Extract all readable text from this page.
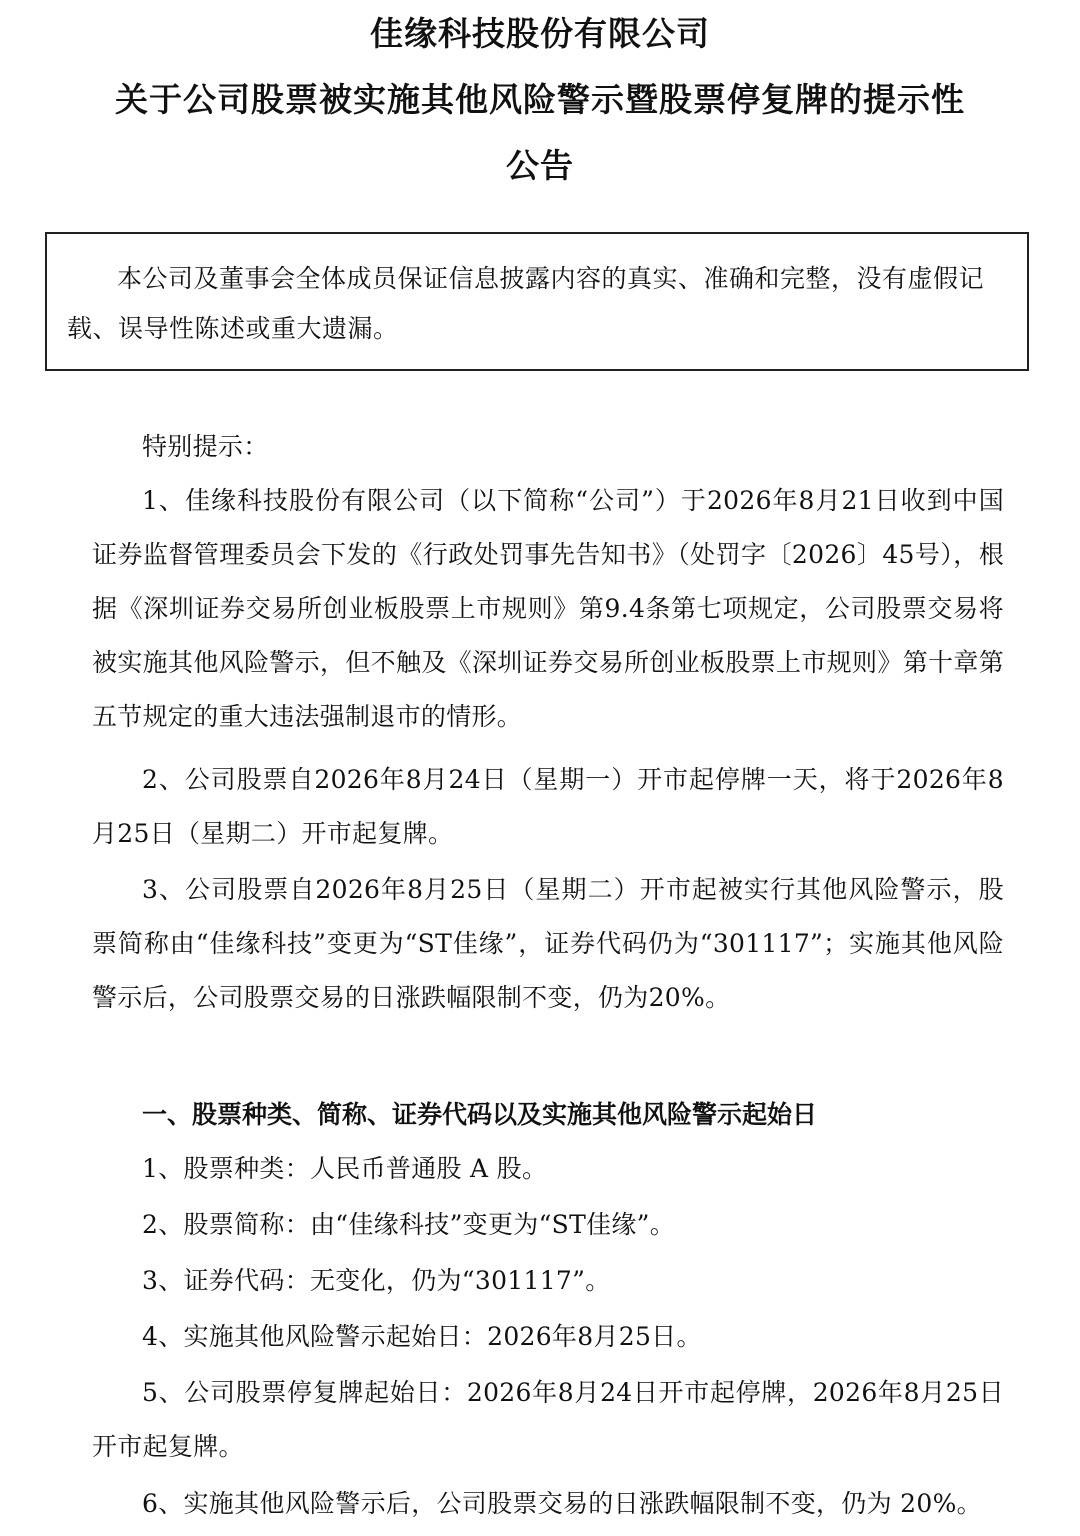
佳缘科技股份有限公司
关于公司股票被实施其他风险警示暨股票停复牌的提示性
公告

本公司及董事会全体成员保证信息披露内容的真实、准确和完整，没有虚假记载、误导性陈述或重大遗漏。

特别提示：

1、佳缘科技股份有限公司（以下简称“公司”）于2026年8月21日收到中国证券监督管理委员会下发的《行政处罚事先告知书》（处罚字〔2026〕45号），根据《深圳证券交易所创业板股票上市规则》第9.4条第七项规定，公司股票交易将被实施其他风险警示，但不触及《深圳证券交易所创业板股票上市规则》第十章第五节规定的重大违法强制退市的情形。

2、公司股票自2026年8月24日（星期一）开市起停牌一天，将于2026年8月25日（星期二）开市起复牌。

3、公司股票自2026年8月25日（星期二）开市起被实行其他风险警示，股票简称由“佳缘科技”变更为“ST佳缘”，证券代码仍为“301117”；实施其他风险警示后，公司股票交易的日涨跌幅限制不变，仍为20%。

一、股票种类、简称、证券代码以及实施其他风险警示起始日

1、股票种类：人民币普通股 A 股。

2、股票简称：由“佳缘科技”变更为“ST佳缘”。

3、证券代码：无变化，仍为“301117”。

4、实施其他风险警示起始日：2026年8月25日。

5、公司股票停复牌起始日：2026年8月24日开市起停牌，2026年8月25日开市起复牌。

6、实施其他风险警示后，公司股票交易的日涨跌幅限制不变，仍为 20%。
